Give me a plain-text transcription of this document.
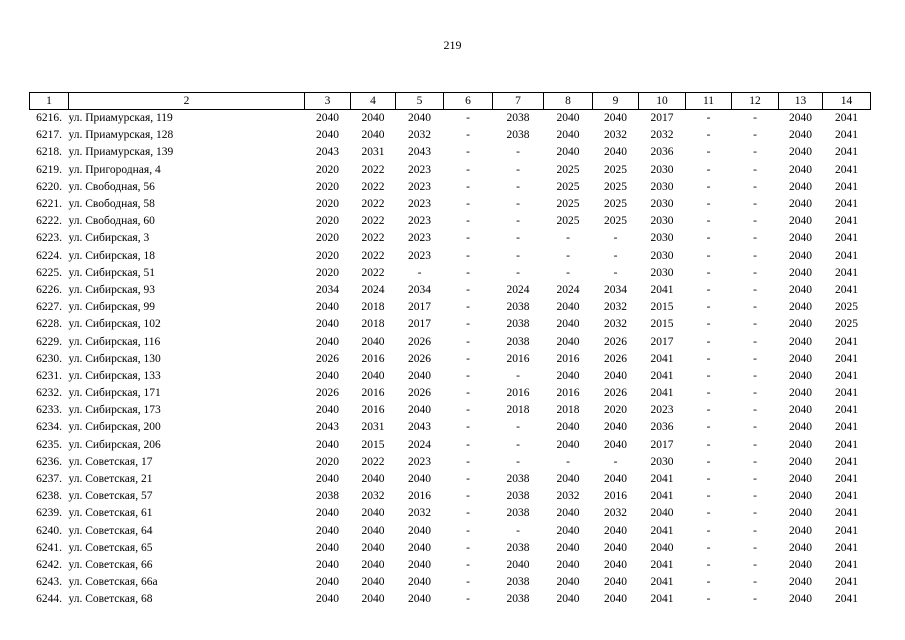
219
1	2	3	4	5	6	7	8	9	10	11	12	13	14
6216.	ул. Приамурская, 119	2040	2040	2040	-	2038	2040	2040	2017	-	-	2040	2041
6217.	ул. Приамурская, 128	2040	2040	2032	-	2038	2040	2032	2032	-	-	2040	2041
6218.	ул. Приамурская, 139	2043	2031	2043	-	-	2040	2040	2036	-	-	2040	2041
6219.	ул. Пригородная, 4	2020	2022	2023	-	-	2025	2025	2030	-	-	2040	2041
6220.	ул. Свободная, 56	2020	2022	2023	-	-	2025	2025	2030	-	-	2040	2041
6221.	ул. Свободная, 58	2020	2022	2023	-	-	2025	2025	2030	-	-	2040	2041
6222.	ул. Свободная, 60	2020	2022	2023	-	-	2025	2025	2030	-	-	2040	2041
6223.	ул. Сибирская, 3	2020	2022	2023	-	-	-	-	2030	-	-	2040	2041
6224.	ул. Сибирская, 18	2020	2022	2023	-	-	-	-	2030	-	-	2040	2041
6225.	ул. Сибирская, 51	2020	2022	-	-	-	-	-	2030	-	-	2040	2041
6226.	ул. Сибирская, 93	2034	2024	2034	-	2024	2024	2034	2041	-	-	2040	2041
6227.	ул. Сибирская, 99	2040	2018	2017	-	2038	2040	2032	2015	-	-	2040	2025
6228.	ул. Сибирская, 102	2040	2018	2017	-	2038	2040	2032	2015	-	-	2040	2025
6229.	ул. Сибирская, 116	2040	2040	2026	-	2038	2040	2026	2017	-	-	2040	2041
6230.	ул. Сибирская, 130	2026	2016	2026	-	2016	2016	2026	2041	-	-	2040	2041
6231.	ул. Сибирская, 133	2040	2040	2040	-	-	2040	2040	2041	-	-	2040	2041
6232.	ул. Сибирская, 171	2026	2016	2026	-	2016	2016	2026	2041	-	-	2040	2041
6233.	ул. Сибирская, 173	2040	2016	2040	-	2018	2018	2020	2023	-	-	2040	2041
6234.	ул. Сибирская, 200	2043	2031	2043	-	-	2040	2040	2036	-	-	2040	2041
6235.	ул. Сибирская, 206	2040	2015	2024	-	-	2040	2040	2017	-	-	2040	2041
6236.	ул. Советская, 17	2020	2022	2023	-	-	-	-	2030	-	-	2040	2041
6237.	ул. Советская, 21	2040	2040	2040	-	2038	2040	2040	2041	-	-	2040	2041
6238.	ул. Советская, 57	2038	2032	2016	-	2038	2032	2016	2041	-	-	2040	2041
6239.	ул. Советская, 61	2040	2040	2032	-	2038	2040	2032	2040	-	-	2040	2041
6240.	ул. Советская, 64	2040	2040	2040	-	-	2040	2040	2041	-	-	2040	2041
6241.	ул. Советская, 65	2040	2040	2040	-	2038	2040	2040	2040	-	-	2040	2041
6242.	ул. Советская, 66	2040	2040	2040	-	2040	2040	2040	2041	-	-	2040	2041
6243.	ул. Советская, 66а	2040	2040	2040	-	2038	2040	2040	2041	-	-	2040	2041
6244.	ул. Советская, 68	2040	2040	2040	-	2038	2040	2040	2041	-	-	2040	2041
